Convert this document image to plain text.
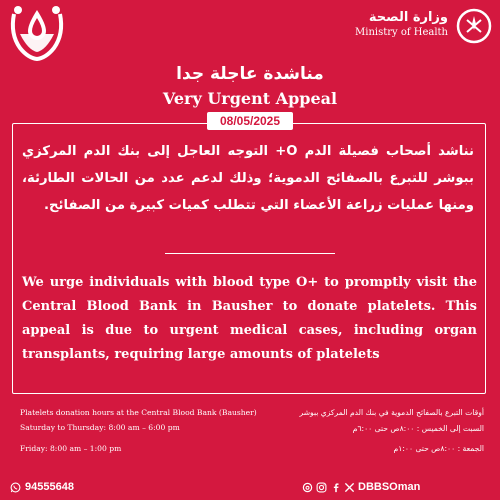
وزارة الصحة
Ministry of Health
مناشدة عاجلة جدا
Very Urgent Appeal
08/05/2025
نناشد أصحاب فصيلة الدم O+ التوجه العاجل إلى بنك الدم المركزي ببوشر للتبرع بالصفائح الدموية؛ وذلك لدعم عدد من الحالات الطارئة، ومنها عمليات زراعة الأعضاء التي تتطلب كميات كبيرة من الصفائح.
We urge individuals with blood type O+ to promptly visit the Central Blood Bank in Bausher to donate platelets. This appeal is due to urgent medical cases, including organ transplants, requiring large amounts of platelets
Platelets donation hours at the Central Blood Bank (Bausher)
Saturday to Thursday: 8:00 am – 6:00 pm
Friday: 8:00 am – 1:00 pm
أوقات التبرع بالصفائح الدموية في بنك الدم المركزي ببوشر
السبت إلى الخميس : ٨:٠٠ص حتى ٦:٠٠م
الجمعة : ٨:٠٠ص حتى ١:٠٠م
94555648	DBBSOman
